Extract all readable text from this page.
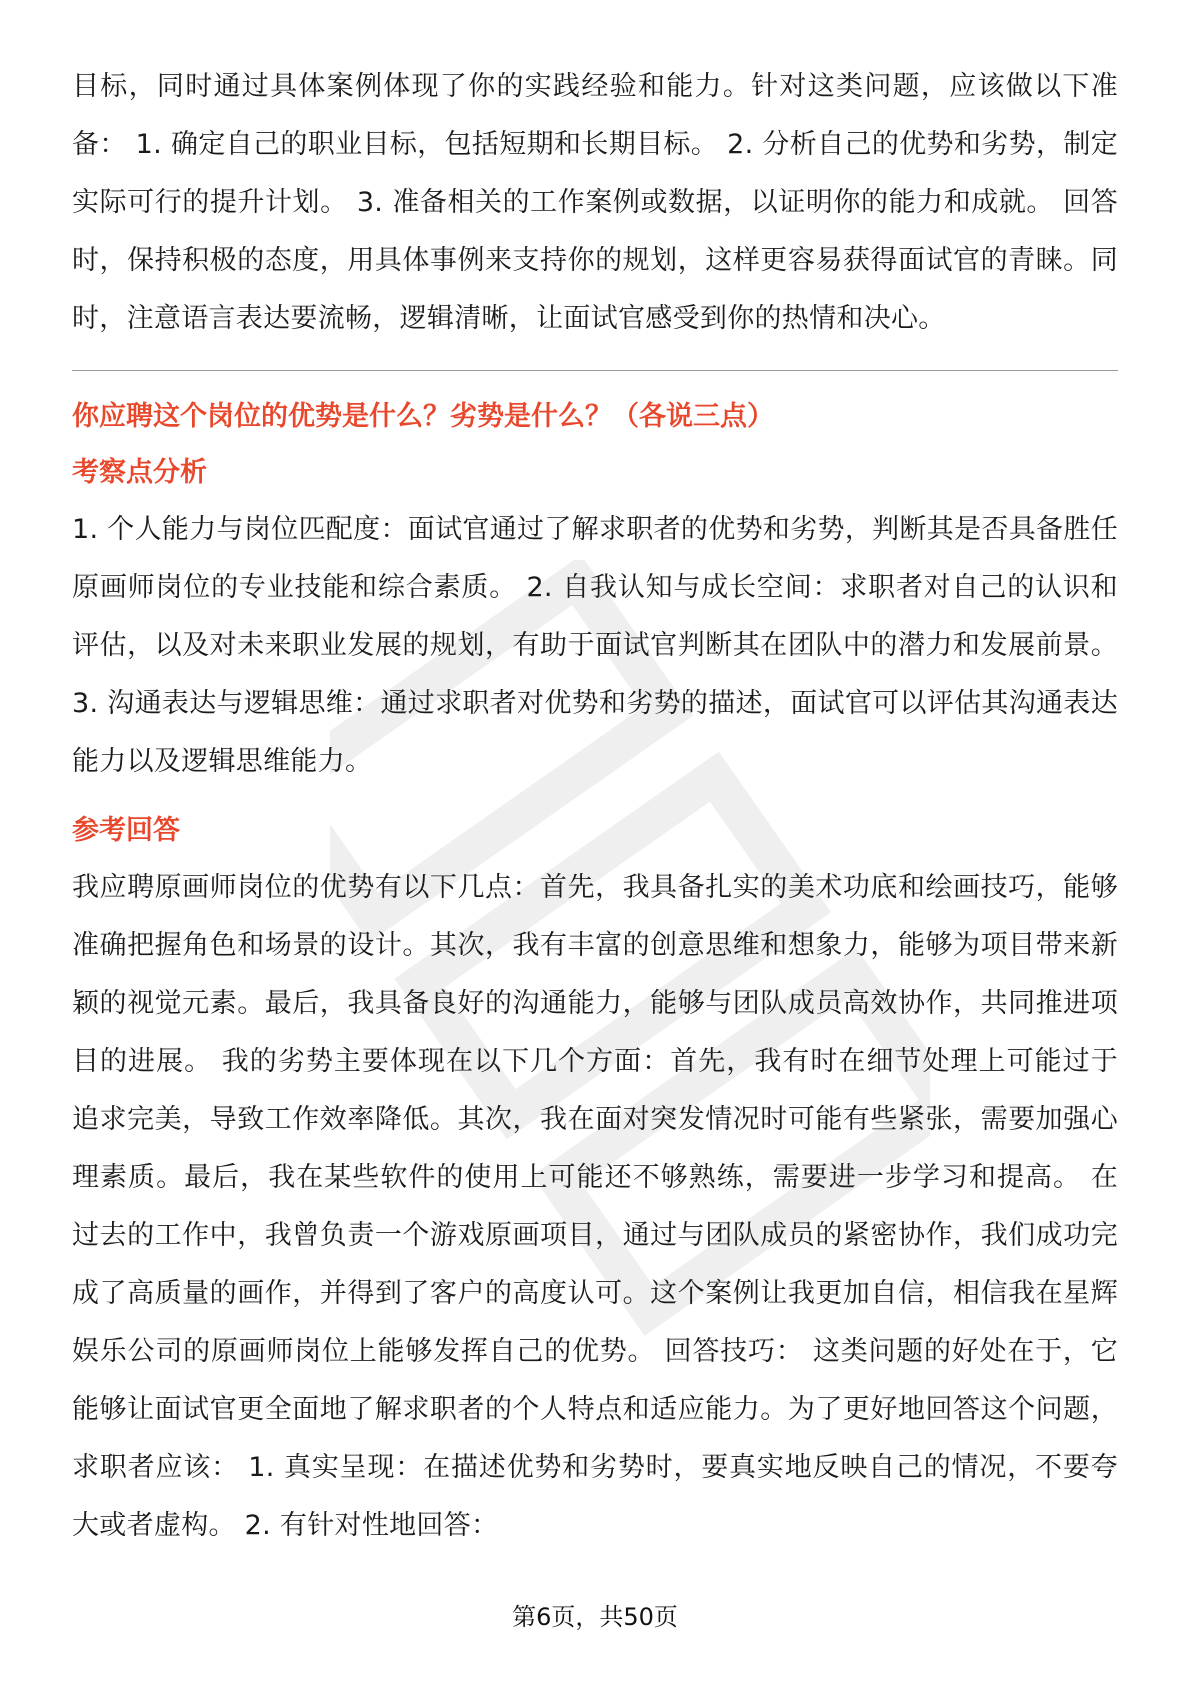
目标，同时通过具体案例体现了你的实践经验和能力。针对这类问题，应该做以下准备： 1. 确定自己的职业目标，包括短期和长期目标。 2. 分析自己的优势和劣势，制定实际可行的提升计划。 3. 准备相关的工作案例或数据，以证明你的能力和成就。 回答时，保持积极的态度，用具体事例来支持你的规划，这样更容易获得面试官的青睐。同时，注意语言表达要流畅，逻辑清晰，让面试官感受到你的热情和决心。

你应聘这个岗位的优势是什么？劣势是什么？（各说三点）
考察点分析

1. 个人能力与岗位匹配度：面试官通过了解求职者的优势和劣势，判断其是否具备胜任原画师岗位的专业技能和综合素质。 2. 自我认知与成长空间：求职者对自己的认识和评估，以及对未来职业发展的规划，有助于面试官判断其在团队中的潜力和发展前景。 3. 沟通表达与逻辑思维：通过求职者对优势和劣势的描述，面试官可以评估其沟通表达能力以及逻辑思维能力。

参考回答

我应聘原画师岗位的优势有以下几点：首先，我具备扎实的美术功底和绘画技巧，能够准确把握角色和场景的设计。其次，我有丰富的创意思维和想象力，能够为项目带来新颖的视觉元素。最后，我具备良好的沟通能力，能够与团队成员高效协作，共同推进项目的进展。 我的劣势主要体现在以下几个方面：首先，我有时在细节处理上可能过于追求完美，导致工作效率降低。其次，我在面对突发情况时可能有些紧张，需要加强心理素质。最后，我在某些软件的使用上可能还不够熟练，需要进一步学习和提高。 在过去的工作中，我曾负责一个游戏原画项目，通过与团队成员的紧密协作，我们成功完成了高质量的画作，并得到了客户的高度认可。这个案例让我更加自信，相信我在星辉娱乐公司的原画师岗位上能够发挥自己的优势。 回答技巧： 这类问题的好处在于，它能够让面试官更全面地了解求职者的个人特点和适应能力。为了更好地回答这个问题，求职者应该： 1. 真实呈现：在描述优势和劣势时，要真实地反映自己的情况，不要夸大或者虚构。 2. 有针对性地回答：

第6页，共50页
